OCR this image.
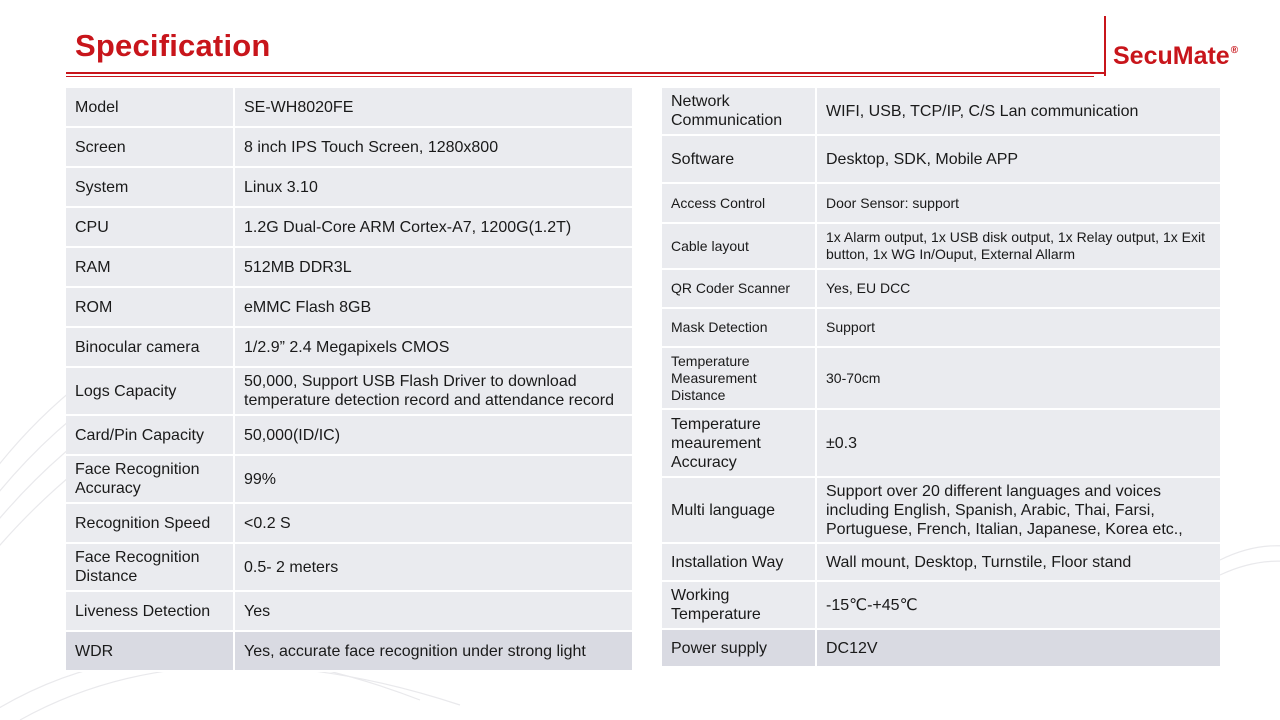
Specification	SecuMate®
Model	SE-WH8020FE
Screen	8 inch IPS Touch Screen, 1280x800
System	Linux 3.10
CPU	1.2G Dual-Core ARM Cortex-A7, 1200G(1.2T)
RAM	512MB DDR3L
ROM	eMMC Flash 8GB
Binocular camera	1/2.9” 2.4 Megapixels CMOS
Logs Capacity	50,000, Support USB Flash Driver to download temperature detection record and attendance record
Card/Pin Capacity	50,000(ID/IC)
Face Recognition Accuracy	99%
Recognition Speed	<0.2 S
Face Recognition Distance	0.5- 2 meters
Liveness Detection	Yes
WDR	Yes, accurate face recognition under strong light
Network Communication	WIFI, USB, TCP/IP, C/S Lan communication
Software	Desktop, SDK, Mobile APP
Access Control	Door Sensor: support
Cable layout	1x Alarm output, 1x USB disk output, 1x Relay output, 1x Exit button, 1x WG In/Ouput, External Allarm
QR Coder Scanner	Yes, EU DCC
Mask Detection	Support
Temperature Measurement Distance	30-70cm
Temperature meaurement Accuracy	±0.3
Multi language	Support over 20 different languages and voices including English, Spanish, Arabic, Thai, Farsi, Portuguese, French, Italian, Japanese, Korea etc.,
Installation Way	Wall mount, Desktop, Turnstile, Floor stand
Working Temperature	-15℃-+45℃
Power supply	DC12V
